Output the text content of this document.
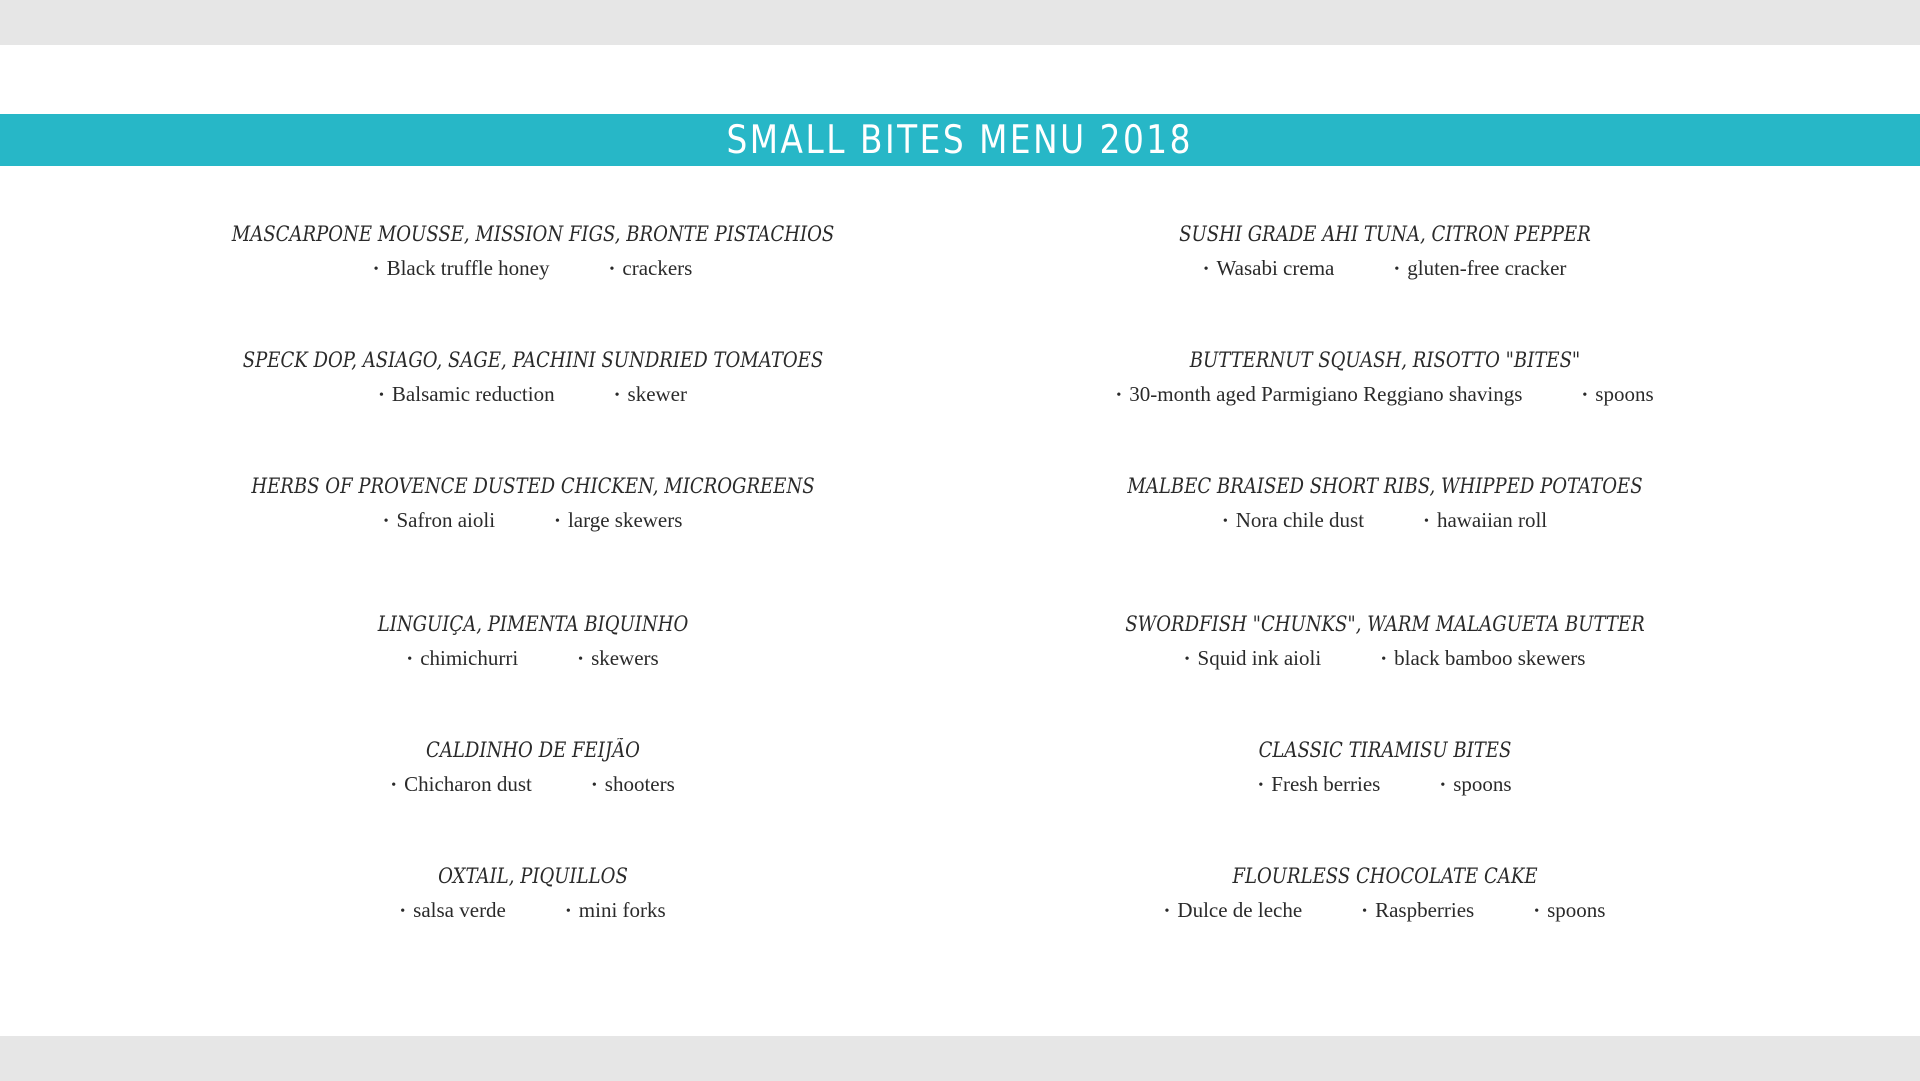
SMALL BITES MENU 2018
MASCARPONE MOUSSE, MISSION FIGS, BRONTE PISTACHIOS
• Black truffle honey	• crackers
SPECK DOP, ASIAGO, SAGE, PACHINI SUNDRIED TOMATOES
• Balsamic reduction	• skewer
HERBS OF PROVENCE DUSTED CHICKEN, MICROGREENS
• Safron aioli	• large skewers
LINGUIÇA, PIMENTA BIQUINHO
• chimichurri	• skewers
CALDINHO DE FEIJÃO
• Chicharon dust	• shooters
OXTAIL, PIQUILLOS
• salsa verde	• mini forks
SUSHI GRADE AHI TUNA, CITRON PEPPER
• Wasabi crema	• gluten-free cracker
BUTTERNUT SQUASH, RISOTTO "BITES"
• 30-month aged Parmigiano Reggiano shavings	• spoons
MALBEC BRAISED SHORT RIBS, WHIPPED POTATOES
• Nora chile dust	• hawaiian roll
SWORDFISH "CHUNKS", WARM MALAGUETA BUTTER
• Squid ink aioli	• black bamboo skewers
CLASSIC TIRAMISU BITES
• Fresh berries	• spoons
FLOURLESS CHOCOLATE CAKE
• Dulce de leche	• Raspberries	• spoons
